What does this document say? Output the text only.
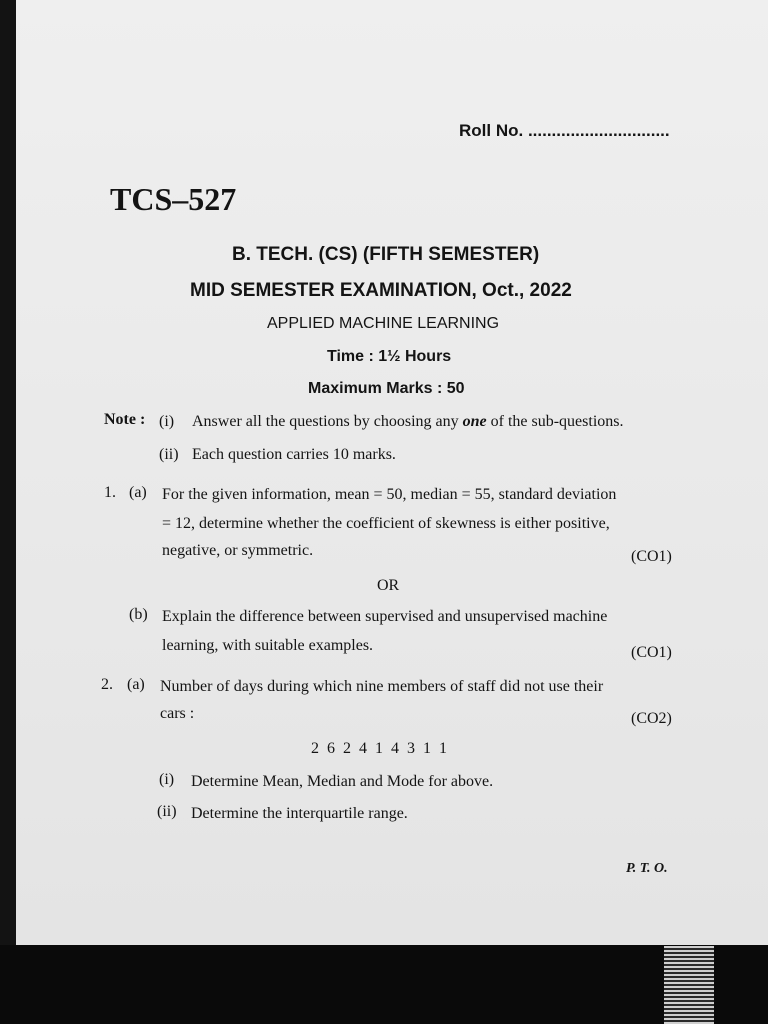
Roll No. ..............................
TCS–527
B. TECH. (CS) (FIFTH SEMESTER)
MID SEMESTER EXAMINATION, Oct., 2022
APPLIED MACHINE LEARNING
Time : 1½ Hours
Maximum Marks : 50
Note : (i) Answer all the questions by choosing any one of the sub-questions.
(ii) Each question carries 10 marks.
1. (a) For the given information, mean = 50, median = 55, standard deviation
= 12, determine whether the coefficient of skewness is either positive,
negative, or symmetric.	(CO1)
OR
(b) Explain the difference between supervised and unsupervised machine
learning, with suitable examples.	(CO1)
2. (a) Number of days during which nine members of staff did not use their
cars :	(CO2)
2 6 2 4 1 4 3 1 1
(i) Determine Mean, Median and Mode for above.
(ii) Determine the interquartile range.
P. T. O.
